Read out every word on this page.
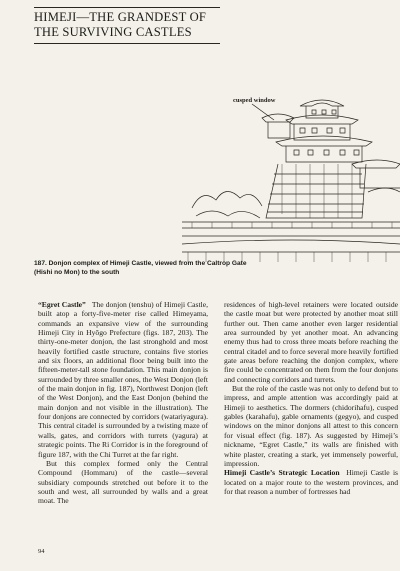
HIMEJI—THE GRANDEST OF
THE SURVIVING CASTLES
cusped window

187. Donjon complex of Himeji Castle, viewed from the Caltrop Gate (Hishi no Mon) to the south

“Egret Castle” The donjon (tenshu) of Himeji Castle, built atop a forty-five-meter rise called Himeyama, commands an expansive view of the surrounding Himeji City in Hyōgo Prefecture (figs. 187, 203). The thirty-one-meter donjon, the last stronghold and most heavily fortified castle structure, contains five stories and six floors, an additional floor being built into the fifteen-meter-tall stone foundation. This main donjon is surrounded by three smaller ones, the West Donjon (left of the main donjon in fig. 187), Northwest Donjon (left of the West Donjon), and the East Donjon (behind the main donjon and not visible in the illustration). The four donjons are connected by corridors (watariyagura). This central citadel is surrounded by a twisting maze of walls, gates, and corridors with turrets (yagura) at strategic points. The Ri Corridor is in the foreground of figure 187, with the Chi Turret at the far right.

But this complex formed only the Central Compound (Hommaru) of the castle—several subsidiary compounds stretched out before it to the south and west, all surrounded by walls and a great moat. The

residences of high-level retainers were located outside the castle moat but were protected by another moat still further out. Then came another even larger residential area surrounded by yet another moat. An advancing enemy thus had to cross three moats before reaching the central citadel and to force several more heavily fortified gate areas before reaching the donjon complex, where fire could be concentrated on them from the four donjons and connecting corridors and turrets.

But the role of the castle was not only to defend but to impress, and ample attention was accordingly paid at Himeji to aesthetics. The dormers (chidorihafu), cusped gables (karahafu), gable ornaments (gegyo), and cusped windows on the minor donjons all attest to this concern for visual effect (fig. 187). As suggested by Himeji’s nickname, “Egret Castle,” its walls are finished with white plaster, creating a stark, yet immensely powerful, impression.

Himeji Castle’s Strategic Location Himeji Castle is located on a major route to the western provinces, and for that reason a number of fortresses had

94
